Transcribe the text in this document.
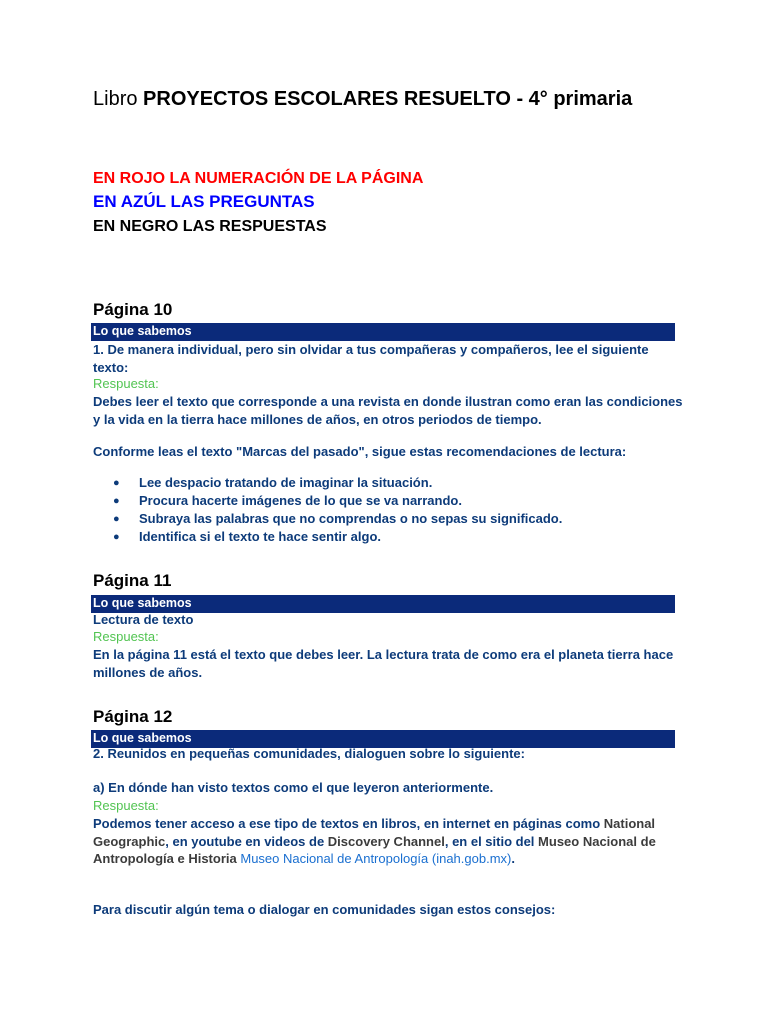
Libro PROYECTOS ESCOLARES RESUELTO - 4° primaria
EN ROJO LA NUMERACIÓN DE LA PÁGINA
EN AZÚL LAS PREGUNTAS
EN NEGRO LAS RESPUESTAS
Página 10
Lo que sabemos
1. De manera individual, pero sin olvidar a tus compañeras y compañeros, lee el siguiente texto:
Respuesta:
Debes leer el texto que corresponde a una revista en donde ilustran como eran las condiciones y la vida en la tierra hace millones de años, en otros periodos de tiempo.
Conforme leas el texto "Marcas del pasado", sigue estas recomendaciones de lectura:
●	Lee despacio tratando de imaginar la situación.
●	Procura hacerte imágenes de lo que se va narrando.
●	Subraya las palabras que no comprendas o no sepas su significado.
●	Identifica si el texto te hace sentir algo.
Página 11
Lo que sabemos
Lectura de texto
Respuesta:
En la página 11 está el texto que debes leer. La lectura trata de como era el planeta tierra hace millones de años.
Página 12
Lo que sabemos
2. Reunidos en pequeñas comunidades, dialoguen sobre lo siguiente:
a) En dónde han visto textos como el que leyeron anteriormente.
Respuesta:
Podemos tener acceso a ese tipo de textos en libros, en internet en páginas como National Geographic, en youtube en videos de Discovery Channel, en el sitio del Museo Nacional de Antropología e Historia Museo Nacional de Antropología (inah.gob.mx).
Para discutir algún tema o dialogar en comunidades sigan estos consejos:
